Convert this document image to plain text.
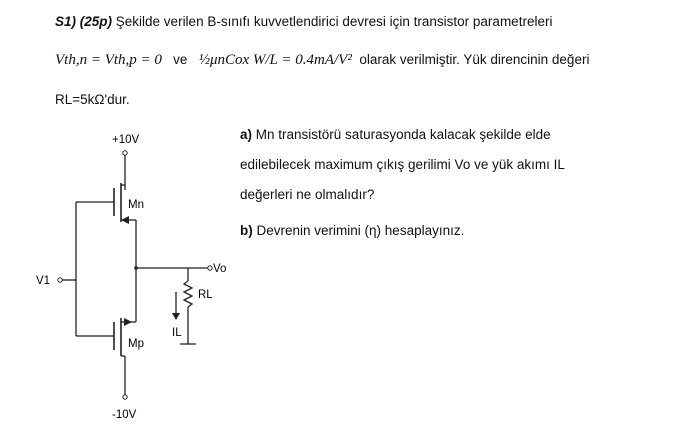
S1) (25p) Şekilde verilen B-sınıfı kuvvetlendirici devresi için transistor parametreleri
Vth,n = Vth,p = 0 ve ½μnCox W/L = 0.4mA/V² olarak verilmiştir. Yük direncinin değeri
RL=5kΩ'dur.
a) Mn transistörü saturasyonda kalacak şekilde elde
edilebilecek maximum çıkış gerilimi Vo ve yük akımı IL
değerleri ne olmalıdır?
b) Devrenin verimini (η) hesaplayınız.
+10V
-10V
Mn
Mp
V1
Vo
RL
IL
